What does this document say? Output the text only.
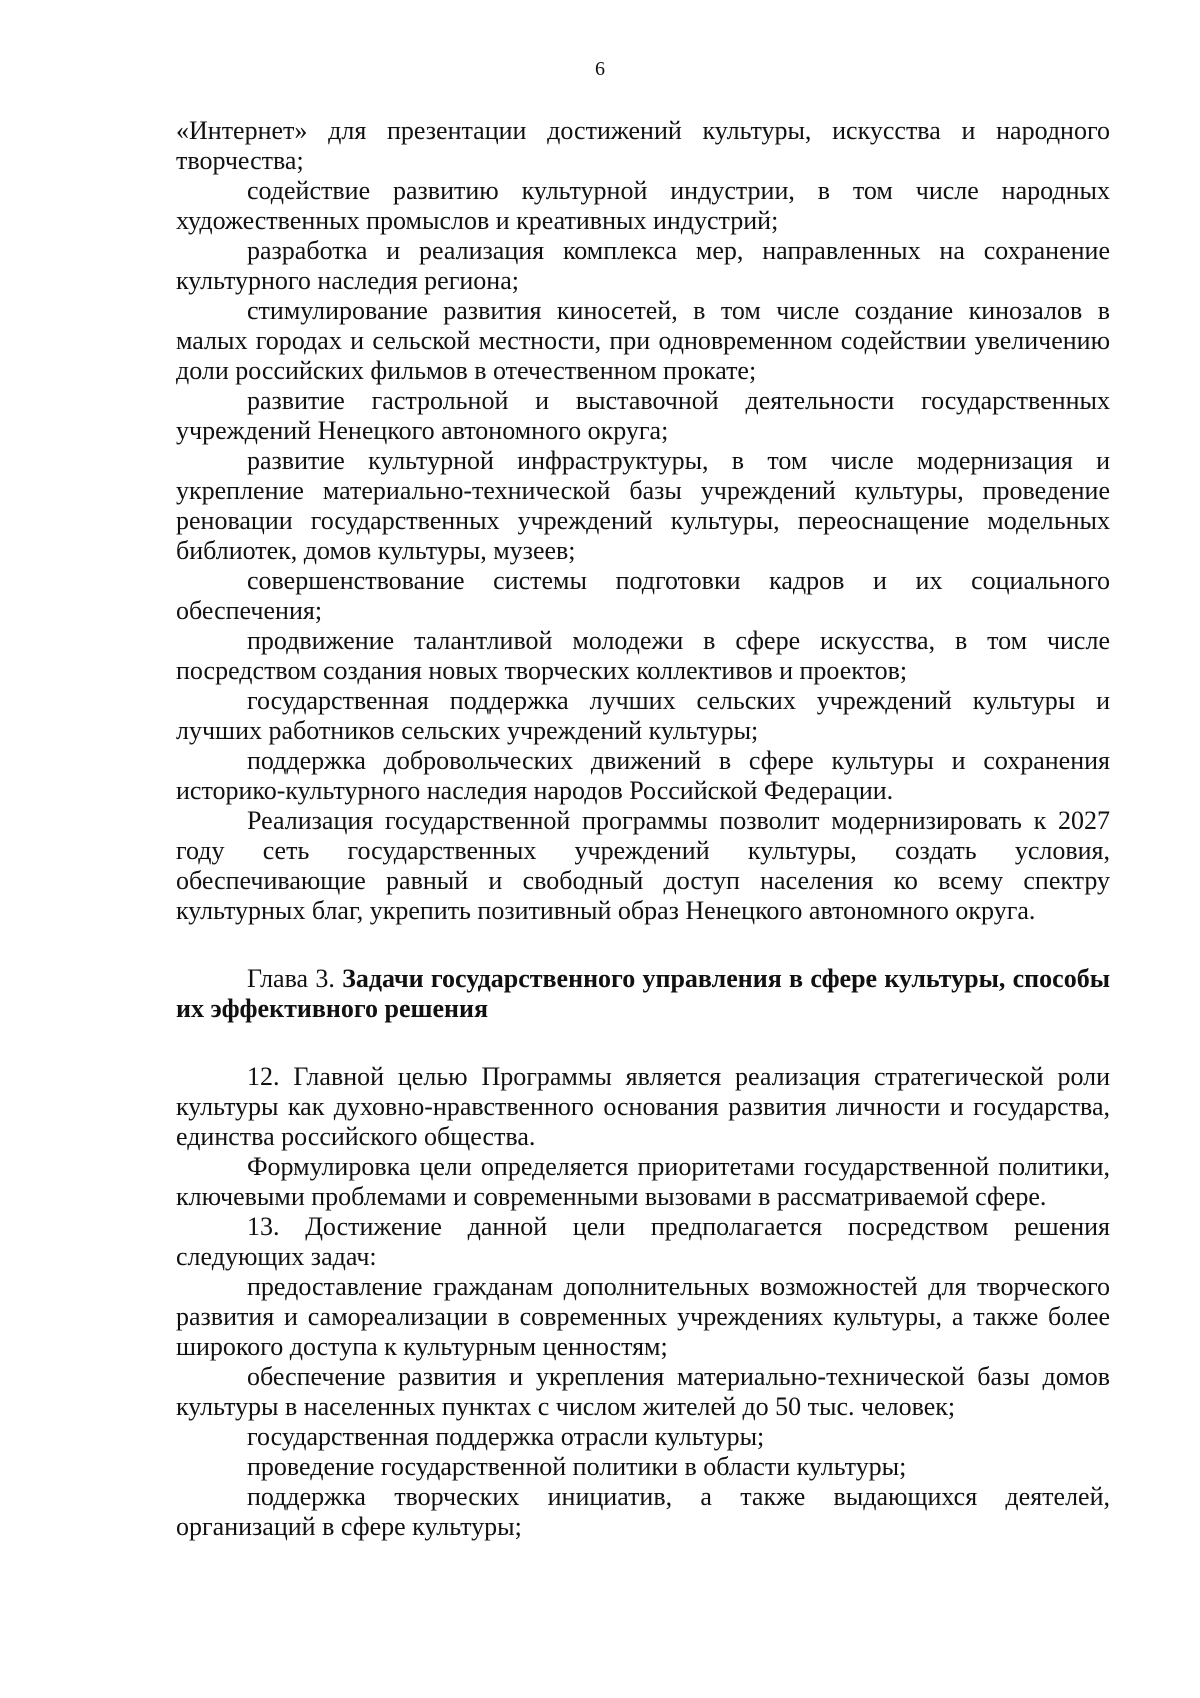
6

«Интернет» для презентации достижений культуры, искусства и народного творчества;

содействие развитию культурной индустрии, в том числе народных художественных промыслов и креативных индустрий;

разработка и реализация комплекса мер, направленных на сохранение культурного наследия региона;

стимулирование развития киносетей, в том числе создание кинозалов в малых городах и сельской местности, при одновременном содействии увеличению доли российских фильмов в отечественном прокате;

развитие гастрольной и выставочной деятельности государственных учреждений Ненецкого автономного округа;

развитие культурной инфраструктуры, в том числе модернизация и укрепление материально-технической базы учреждений культуры, проведение реновации государственных учреждений культуры, переоснащение модельных библиотек, домов культуры, музеев;

совершенствование системы подготовки кадров и их социального обеспечения;

продвижение талантливой молодежи в сфере искусства, в том числе посредством создания новых творческих коллективов и проектов;

государственная поддержка лучших сельских учреждений культуры и лучших работников сельских учреждений культуры;

поддержка добровольческих движений в сфере культуры и сохранения историко-культурного наследия народов Российской Федерации.

Реализация государственной программы позволит модернизировать к 2027 году сеть государственных учреждений культуры, создать условия, обеспечивающие равный и свободный доступ населения ко всему спектру культурных благ, укрепить позитивный образ Ненецкого автономного округа.

Глава 3. Задачи государственного управления в сфере культуры, способы их эффективного решения

12. Главной целью Программы является реализация стратегической роли культуры как духовно-нравственного основания развития личности и государства, единства российского общества.

Формулировка цели определяется приоритетами государственной политики, ключевыми проблемами и современными вызовами в рассматриваемой сфере.

13. Достижение данной цели предполагается посредством решения следующих задач:

предоставление гражданам дополнительных возможностей для творческого развития и самореализации в современных учреждениях культуры, а также более широкого доступа к культурным ценностям;

обеспечение развития и укрепления материально-технической базы домов культуры в населенных пунктах с числом жителей до 50 тыс. человек;

государственная поддержка отрасли культуры;

проведение государственной политики в области культуры;

поддержка творческих инициатив, а также выдающихся деятелей, организаций в сфере культуры;
